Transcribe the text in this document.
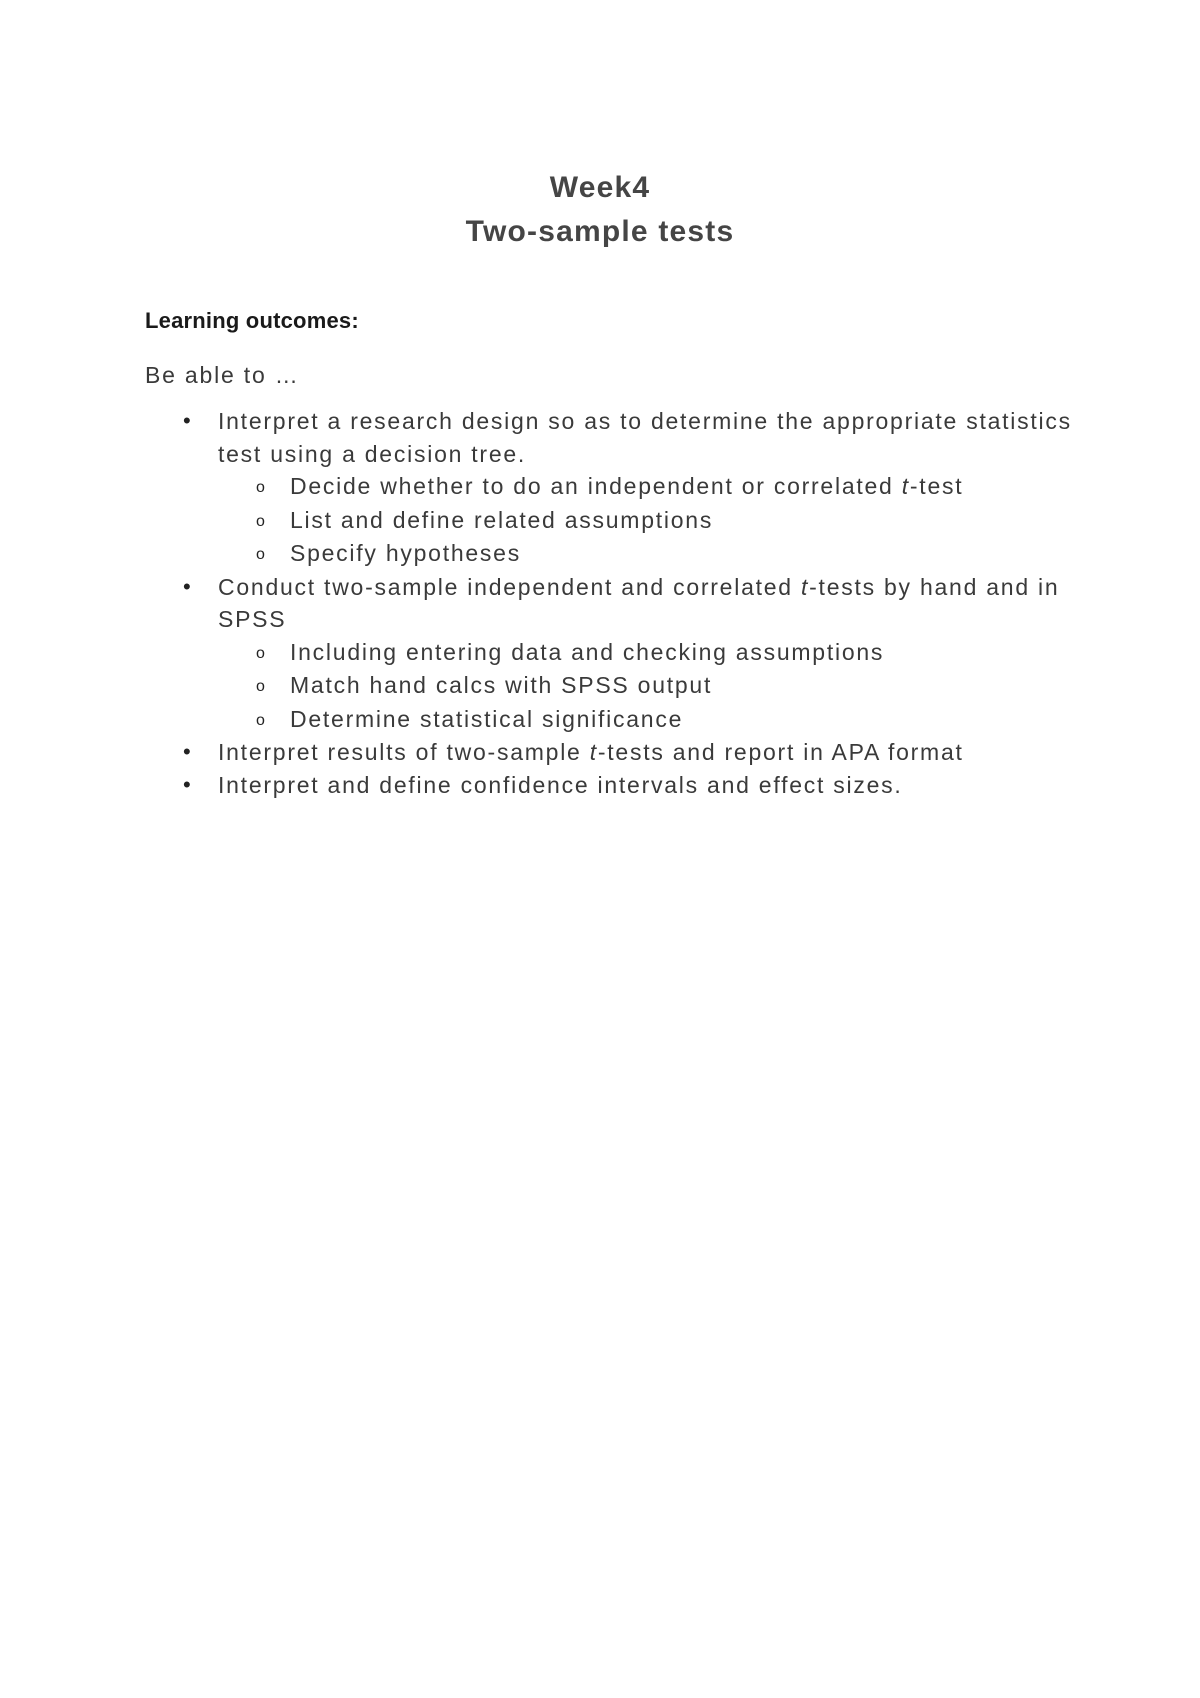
Week4
Two-sample tests
Learning outcomes:
Be able to …
• Interpret a research design so as to determine the appropriate statistics test using a decision tree.
o Decide whether to do an independent or correlated t-test
o List and define related assumptions
o Specify hypotheses
• Conduct two-sample independent and correlated t-tests by hand and in SPSS
o Including entering data and checking assumptions
o Match hand calcs with SPSS output
o Determine statistical significance
• Interpret results of two-sample t-tests and report in APA format
• Interpret and define confidence intervals and effect sizes.
